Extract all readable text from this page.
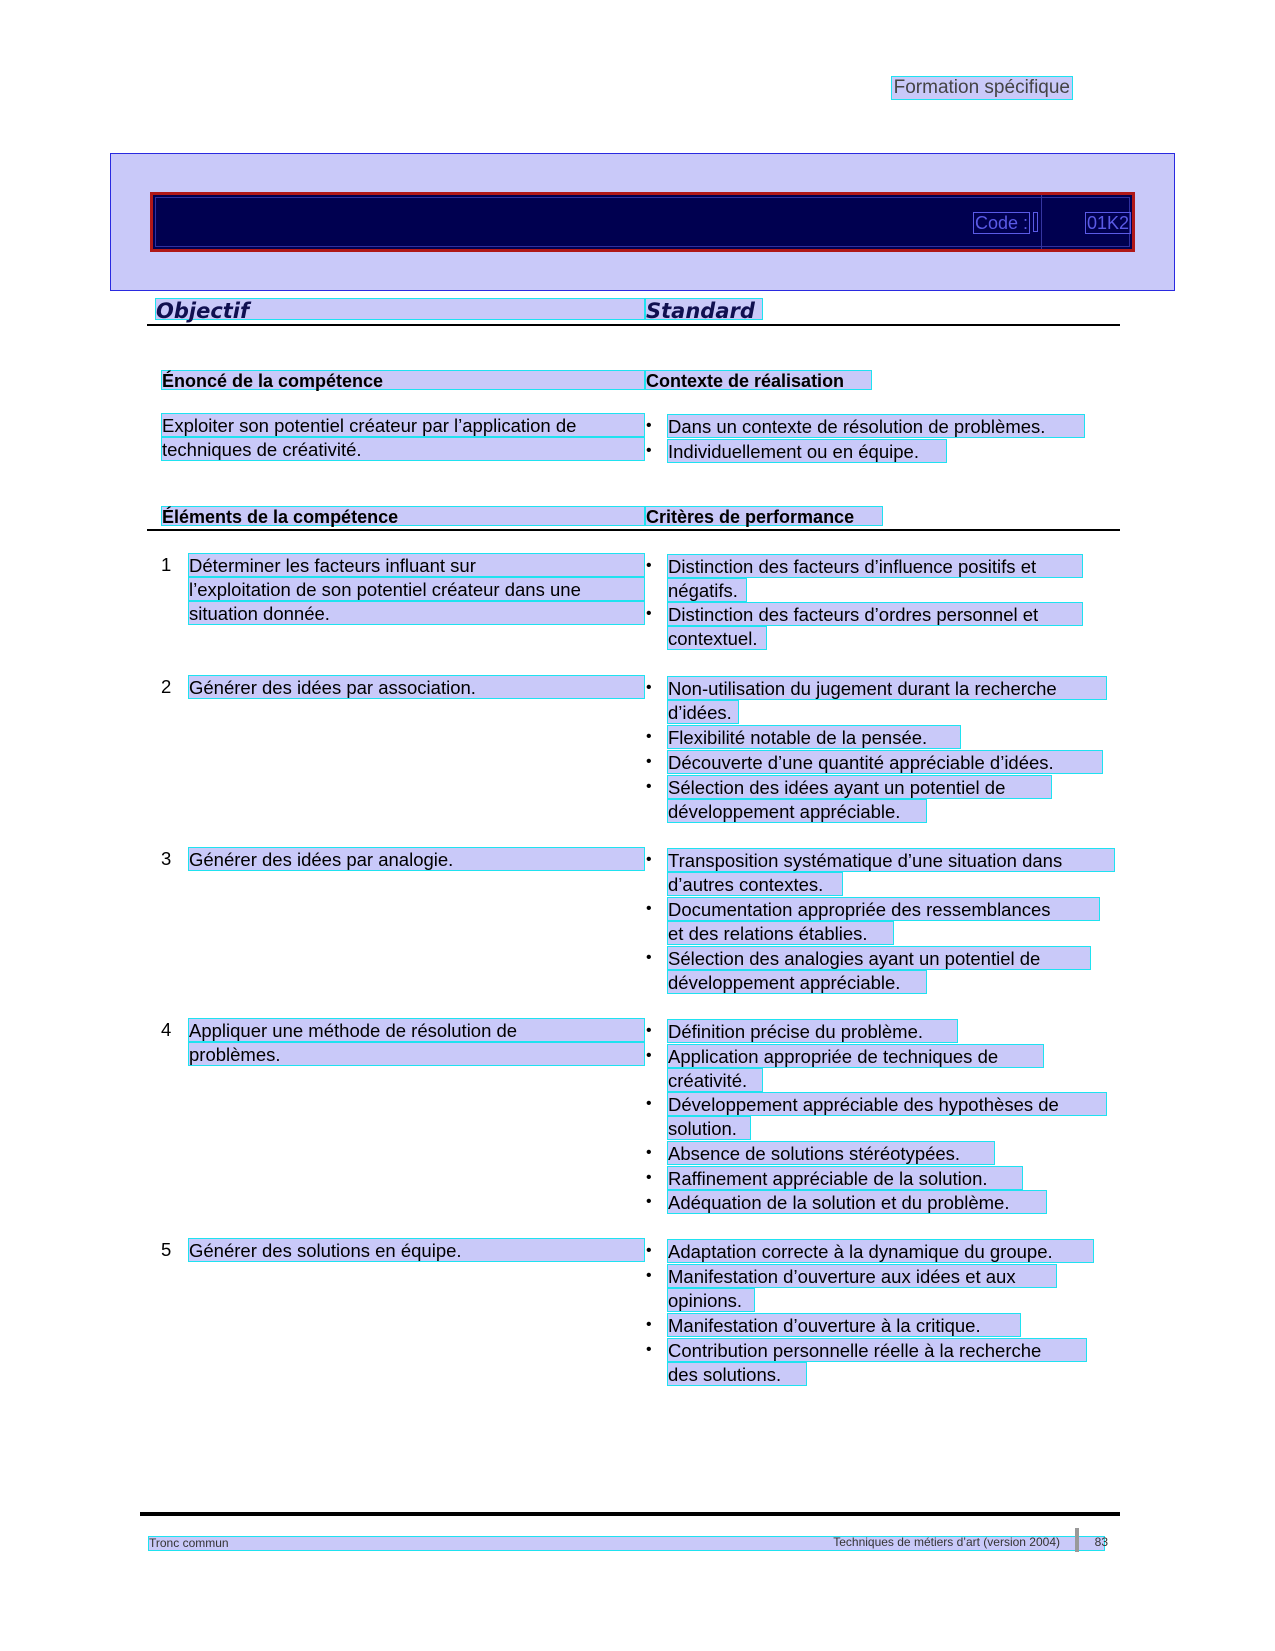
Formation spécifique
Code :	01K2
Objectif	Standard
Énoncé de la compétence	Contexte de réalisation
Exploiter son potentiel créateur par l’application de
techniques de créativité.
• Dans un contexte de résolution de problèmes.
• Individuellement ou en équipe.
Éléments de la compétence	Critères de performance
1 Déterminer les facteurs influant sur
l’exploitation de son potentiel créateur dans une
situation donnée.
• Distinction des facteurs d’influence positifs et
négatifs.
• Distinction des facteurs d’ordres personnel et
contextuel.
2 Générer des idées par association.	• Non-utilisation du jugement durant la recherche
d’idées.
• Flexibilité notable de la pensée.
• Découverte d’une quantité appréciable d’idées.
• Sélection des idées ayant un potentiel de
développement appréciable.
3 Générer des idées par analogie.	• Transposition systématique d’une situation dans
d’autres contextes.
• Documentation appropriée des ressemblances
et des relations établies.
• Sélection des analogies ayant un potentiel de
développement appréciable.
4 Appliquer une méthode de résolution de
problèmes.
• Définition précise du problème.
• Application appropriée de techniques de
créativité.
• Développement appréciable des hypothèses de
solution.
• Absence de solutions stéréotypées.
• Raffinement appréciable de la solution.
• Adéquation de la solution et du problème.
5 Générer des solutions en équipe.	• Adaptation correcte à la dynamique du groupe.
• Manifestation d’ouverture aux idées et aux
opinions.
• Manifestation d’ouverture à la critique.
• Contribution personnelle réelle à la recherche
des solutions.
Tronc commun	Techniques de métiers d’art (version 2004)	83
